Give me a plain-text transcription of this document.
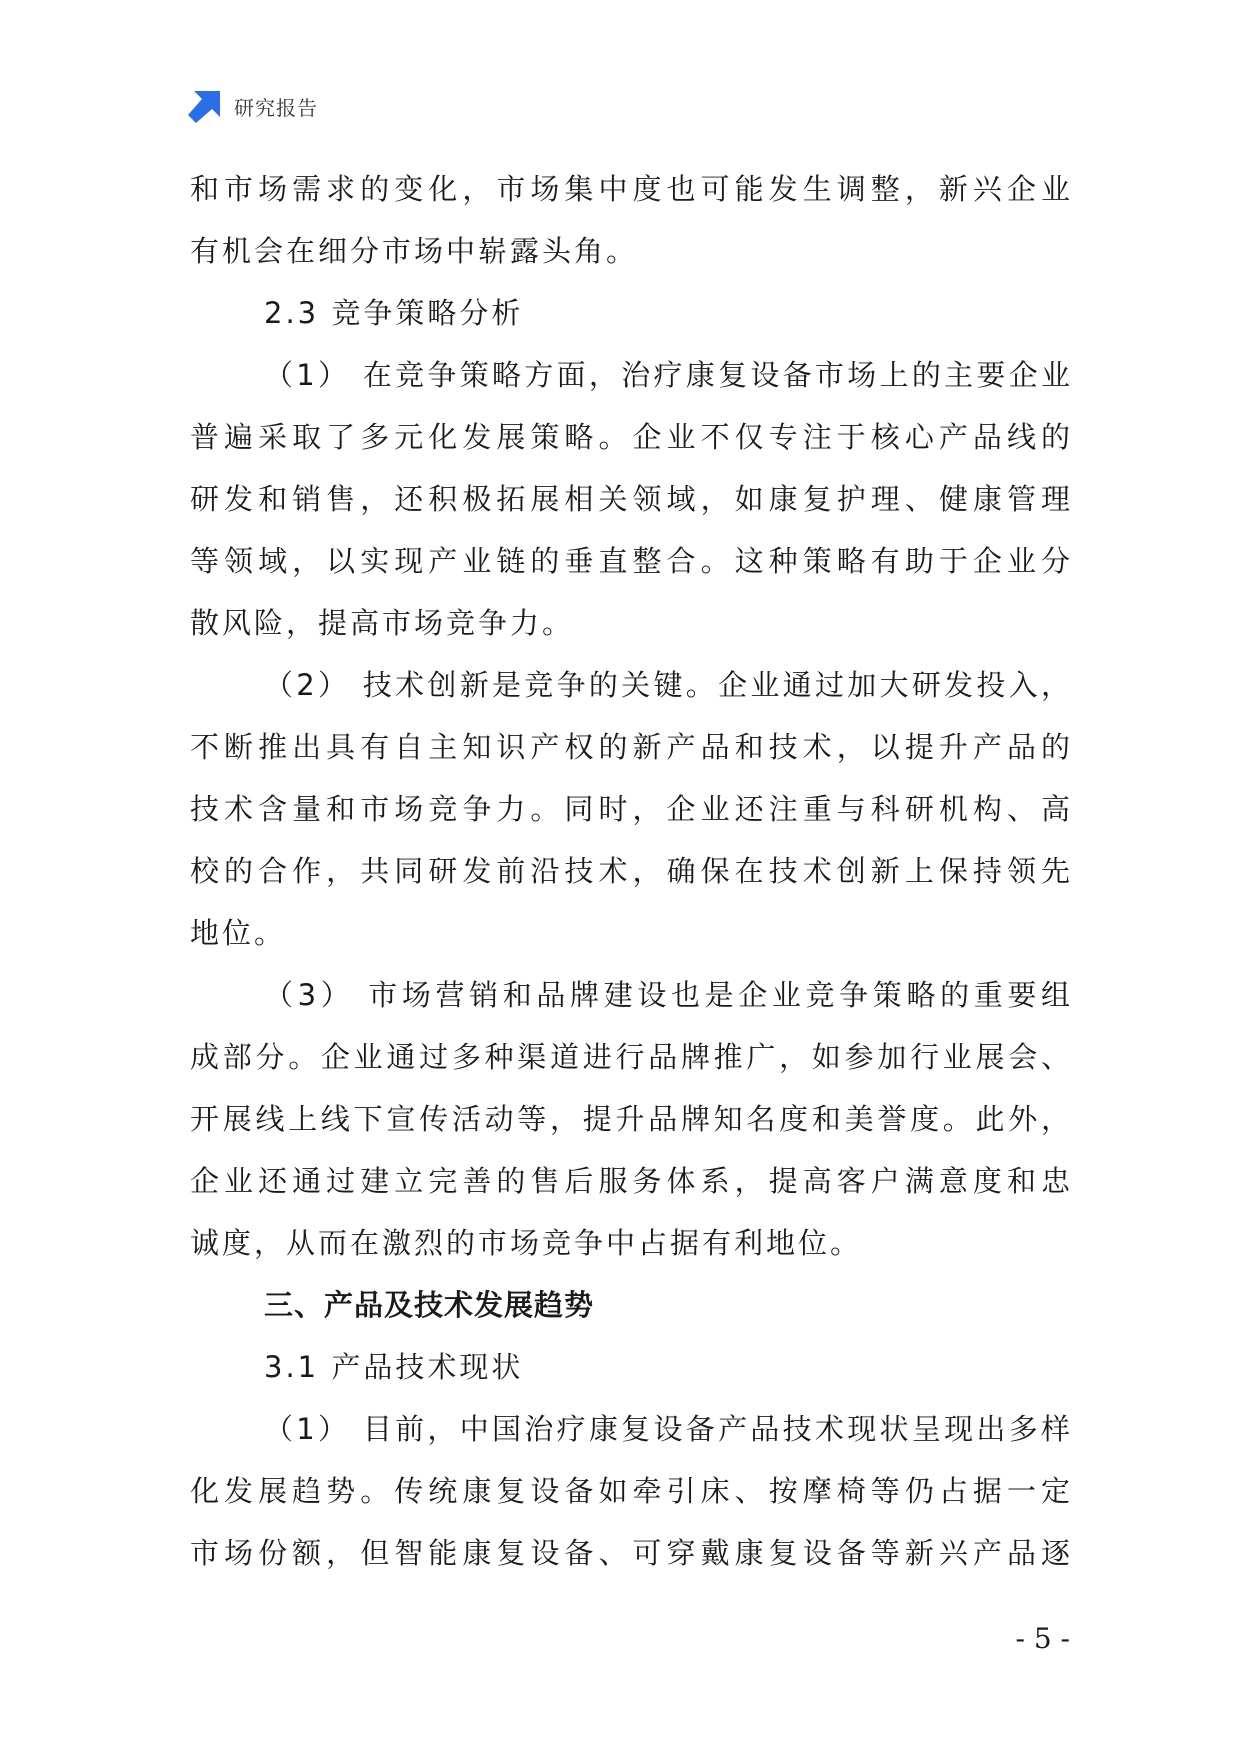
研究报告
和市场需求的变化，市场集中度也可能发生调整，新兴企业
有机会在细分市场中崭露头角。
2.3 竞争策略分析
（1） 在竞争策略方面，治疗康复设备市场上的主要企业
普遍采取了多元化发展策略。企业不仅专注于核心产品线的
研发和销售，还积极拓展相关领域，如康复护理、健康管理
等领域，以实现产业链的垂直整合。这种策略有助于企业分
散风险，提高市场竞争力。
（2） 技术创新是竞争的关键。企业通过加大研发投入，
不断推出具有自主知识产权的新产品和技术，以提升产品的
技术含量和市场竞争力。同时，企业还注重与科研机构、高
校的合作，共同研发前沿技术，确保在技术创新上保持领先
地位。
（3） 市场营销和品牌建设也是企业竞争策略的重要组
成部分。企业通过多种渠道进行品牌推广，如参加行业展会、
开展线上线下宣传活动等，提升品牌知名度和美誉度。此外，
企业还通过建立完善的售后服务体系，提高客户满意度和忠
诚度，从而在激烈的市场竞争中占据有利地位。
三、产品及技术发展趋势
3.1 产品技术现状
（1） 目前，中国治疗康复设备产品技术现状呈现出多样
化发展趋势。传统康复设备如牵引床、按摩椅等仍占据一定
市场份额，但智能康复设备、可穿戴康复设备等新兴产品逐
- 5 -
